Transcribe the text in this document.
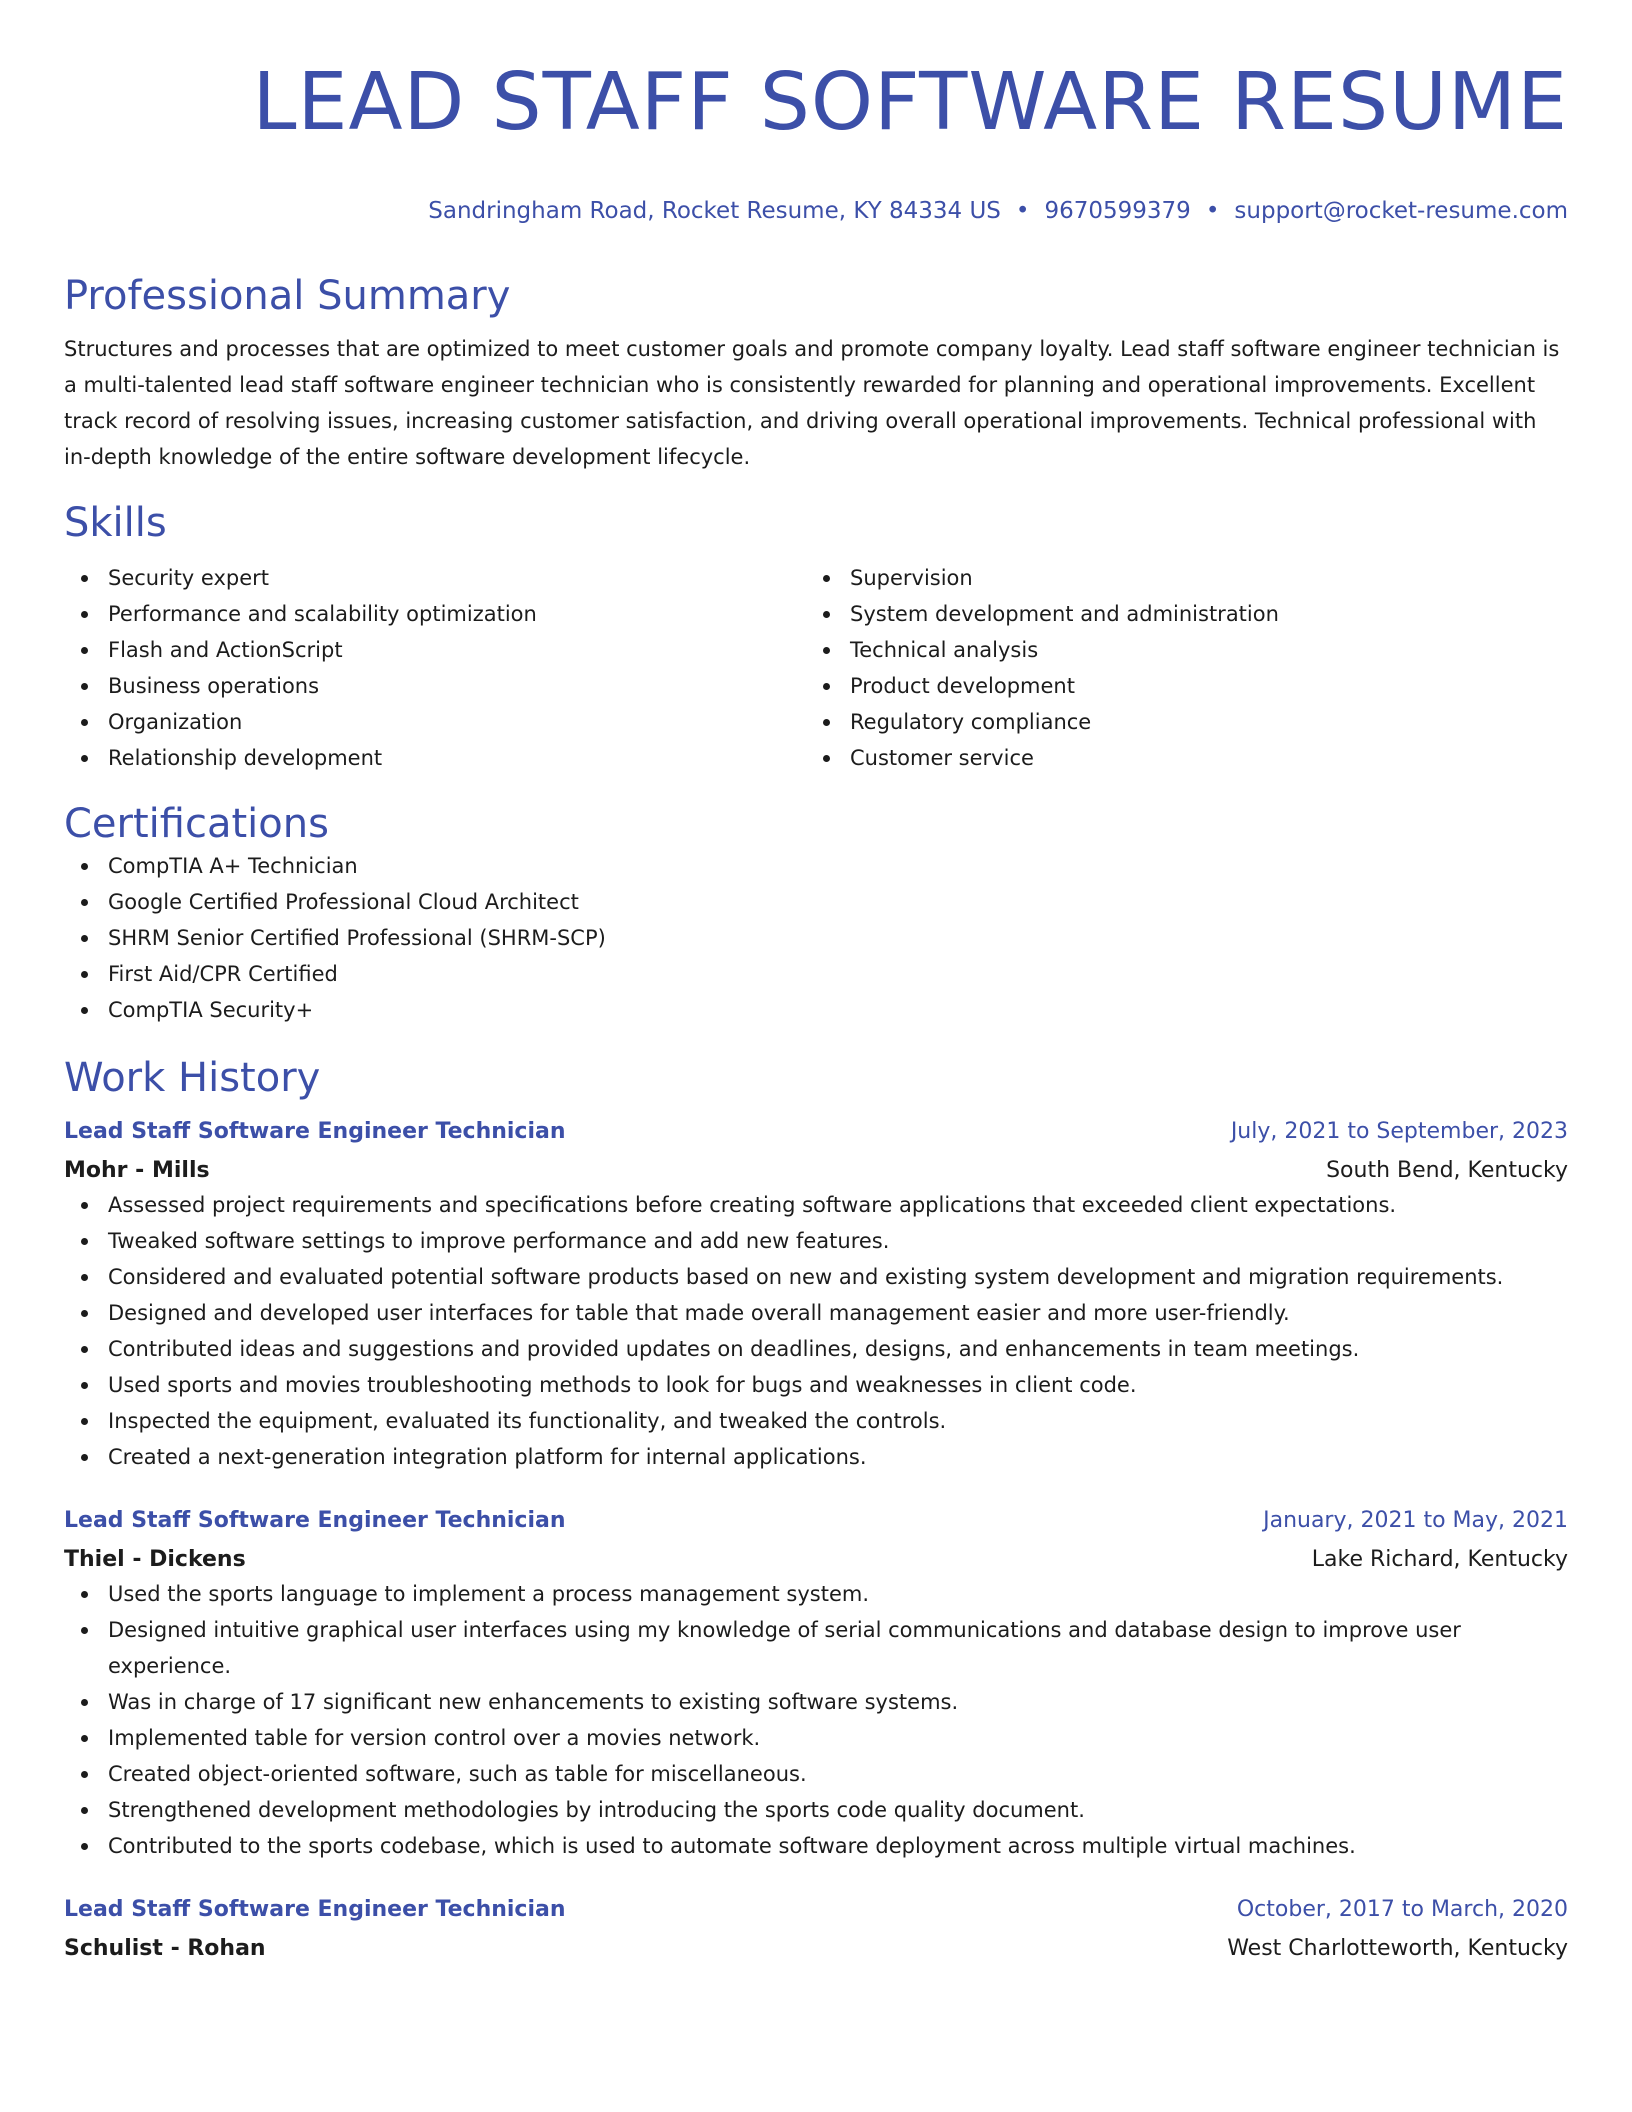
LEAD STAFF SOFTWARE RESUME
Sandringham Road, Rocket Resume, KY 84334 US • 9670599379 • support@rocket-resume.com
Professional Summary

Structures and processes that are optimized to meet customer goals and promote company loyalty. Lead staff software engineer technician is a multi-talented lead staff software engineer technician who is consistently rewarded for planning and operational improvements. Excellent track record of resolving issues, increasing customer satisfaction, and driving overall operational improvements. Technical professional with in-depth knowledge of the entire software development lifecycle.

Skills
Security expert
Performance and scalability optimization
Flash and ActionScript
Business operations
Organization
Relationship development
Supervision
System development and administration
Technical analysis
Product development
Regulatory compliance
Customer service
Certifications
CompTIA A+ Technician
Google Certified Professional Cloud Architect
SHRM Senior Certified Professional (SHRM-SCP)
First Aid/CPR Certified
CompTIA Security+
Work History
Lead Staff Software Engineer Technician	July, 2021 to September, 2023
Mohr - Mills	South Bend, Kentucky
Assessed project requirements and specifications before creating software applications that exceeded client expectations.
Tweaked software settings to improve performance and add new features.
Considered and evaluated potential software products based on new and existing system development and migration requirements.
Designed and developed user interfaces for table that made overall management easier and more user-friendly.
Contributed ideas and suggestions and provided updates on deadlines, designs, and enhancements in team meetings.
Used sports and movies troubleshooting methods to look for bugs and weaknesses in client code.
Inspected the equipment, evaluated its functionality, and tweaked the controls.
Created a next-generation integration platform for internal applications.
Lead Staff Software Engineer Technician	January, 2021 to May, 2021
Thiel - Dickens	Lake Richard, Kentucky
Used the sports language to implement a process management system.
Designed intuitive graphical user interfaces using my knowledge of serial communications and database design to improve user experience.
Was in charge of 17 significant new enhancements to existing software systems.
Implemented table for version control over a movies network.
Created object-oriented software, such as table for miscellaneous.
Strengthened development methodologies by introducing the sports code quality document.
Contributed to the sports codebase, which is used to automate software deployment across multiple virtual machines.
Lead Staff Software Engineer Technician	October, 2017 to March, 2020
Schulist - Rohan	West Charlotteworth, Kentucky
